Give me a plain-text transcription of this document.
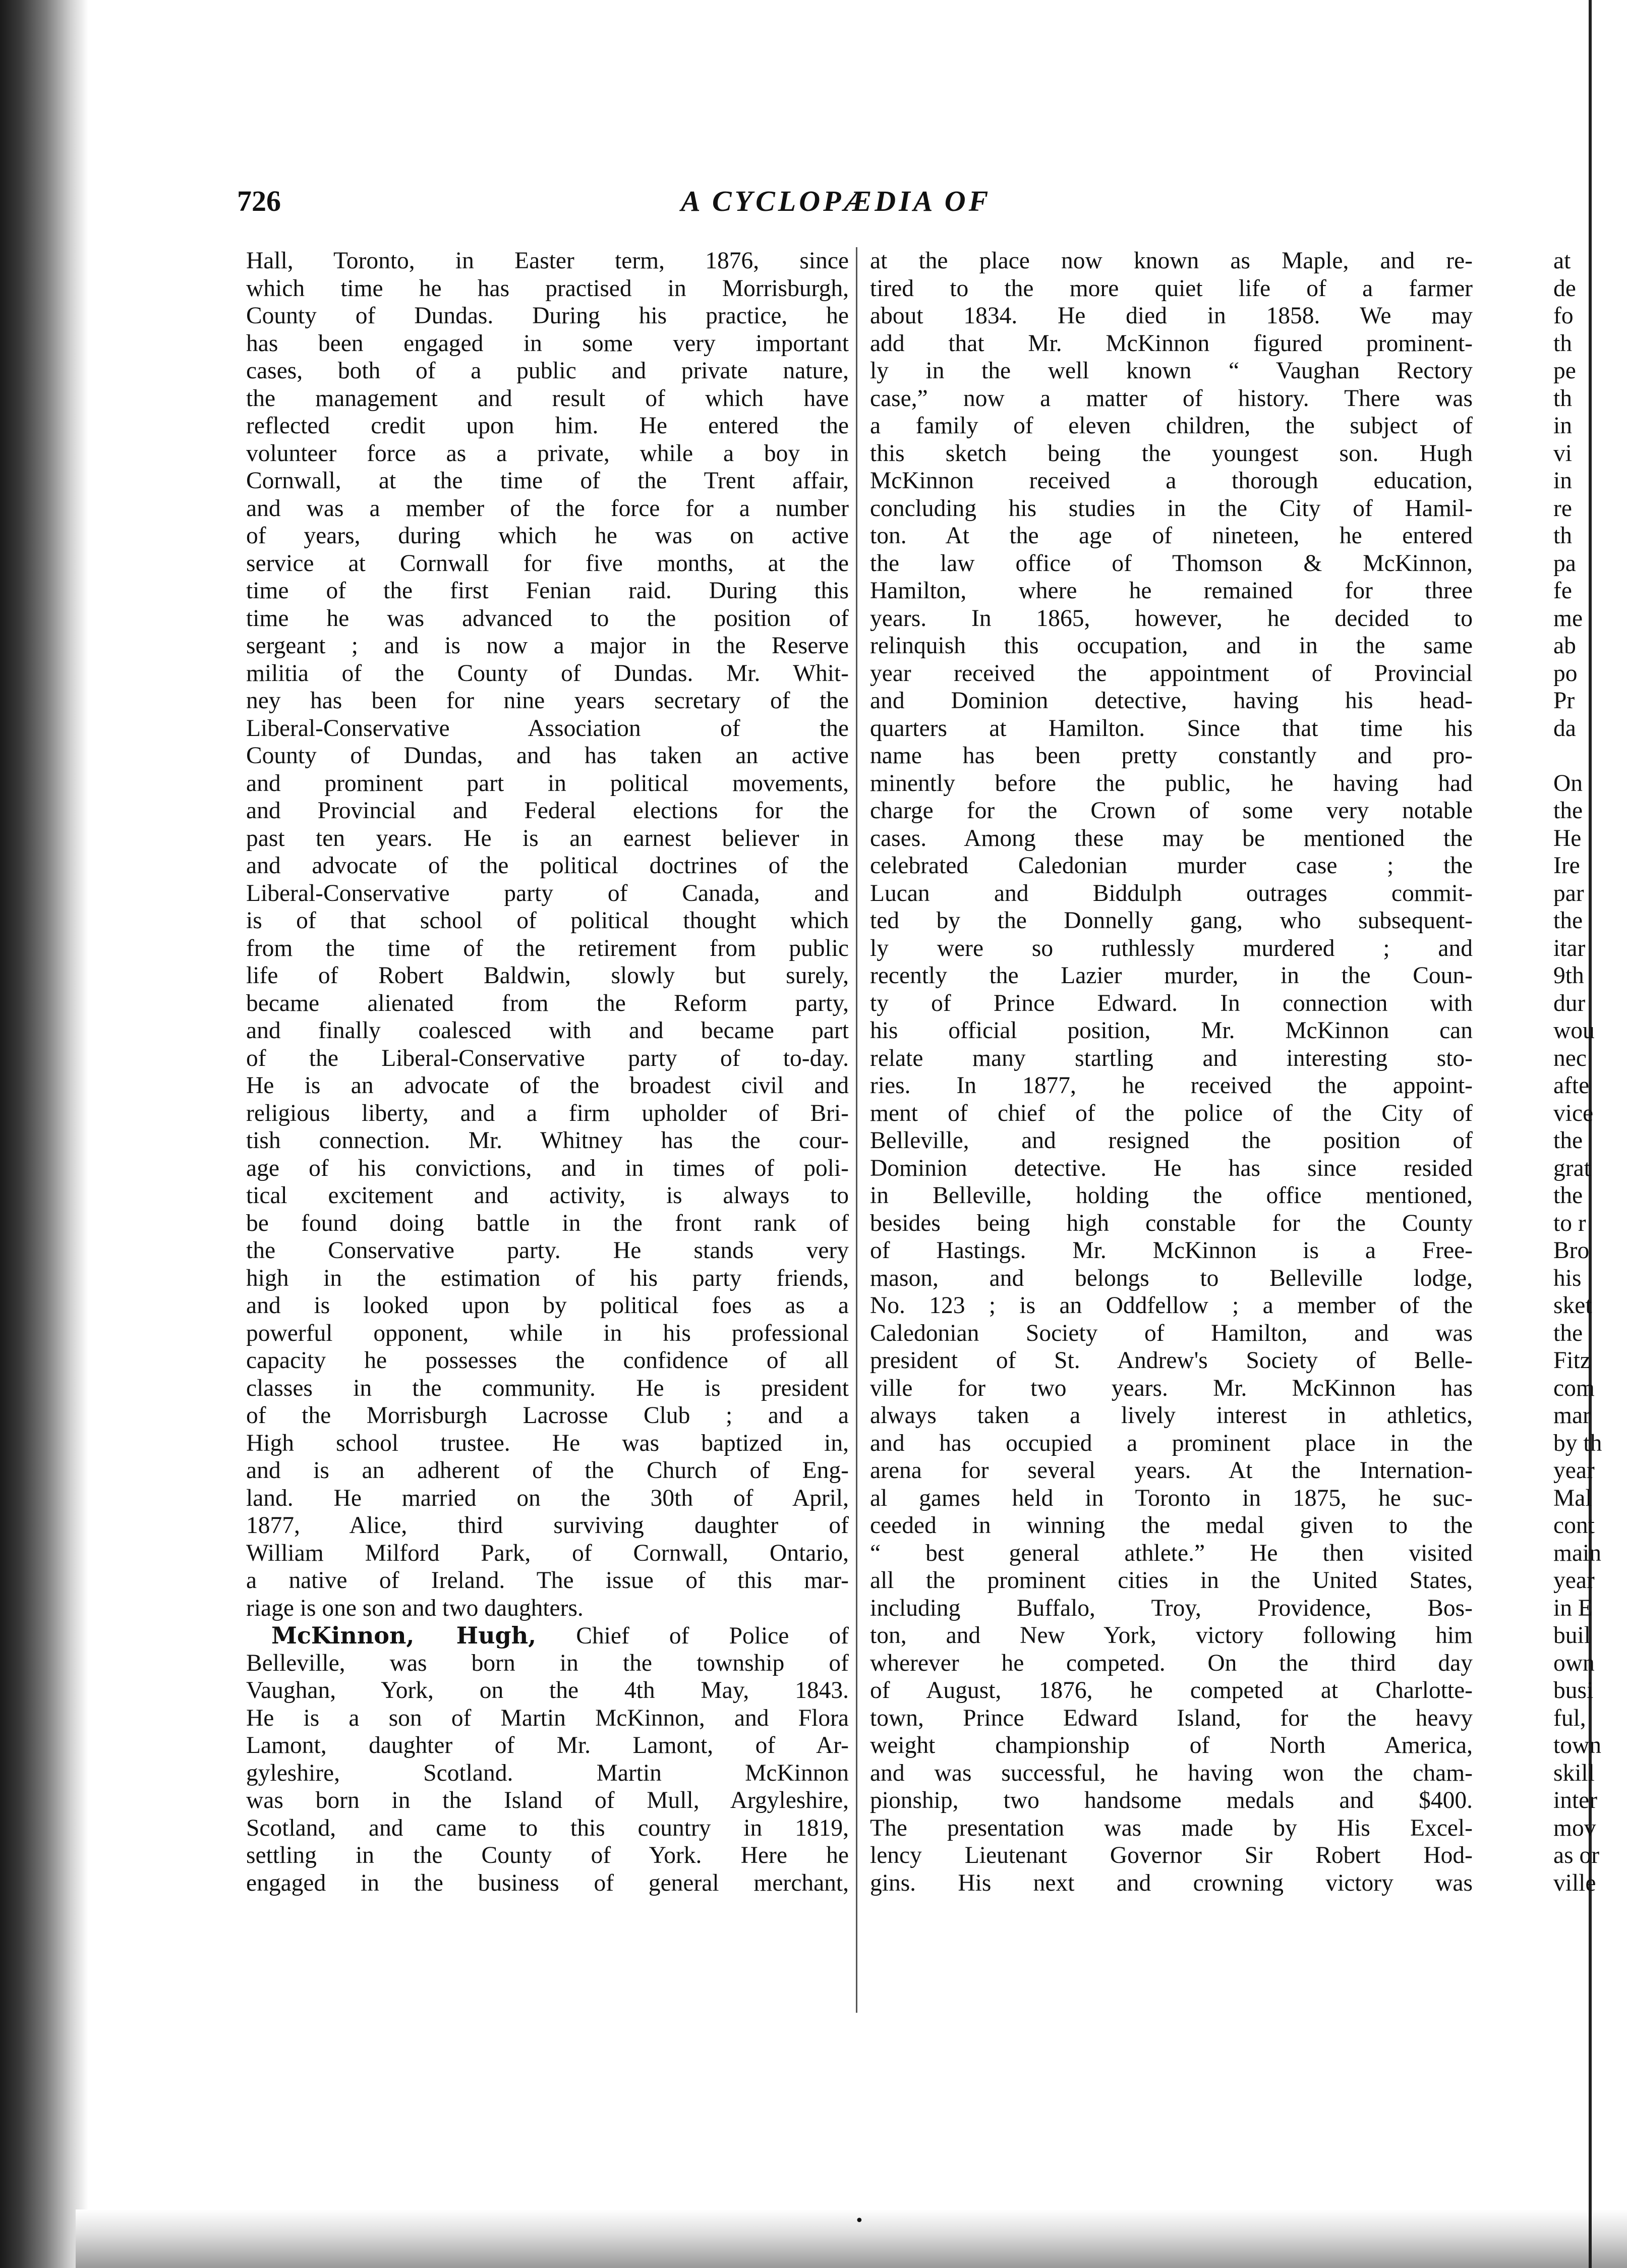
726	A CYCLOPÆDIA OF
Hall, Toronto, in Easter term, 1876, since
which time he has practised in Morrisburgh,
County of Dundas. During his practice, he
has been engaged in some very important
cases, both of a public and private nature,
the management and result of which have
reflected credit upon him. He entered the
volunteer force as a private, while a boy in
Cornwall, at the time of the Trent affair,
and was a member of the force for a number
of years, during which he was on active
service at Cornwall for five months, at the
time of the first Fenian raid. During this
time he was advanced to the position of
sergeant ; and is now a major in the Reserve
militia of the County of Dundas. Mr. Whit-
ney has been for nine years secretary of the
Liberal-Conservative Association of the
County of Dundas, and has taken an active
and prominent part in political movements,
and Provincial and Federal elections for the
past ten years. He is an earnest believer in
and advocate of the political doctrines of the
Liberal-Conservative party of Canada, and
is of that school of political thought which
from the time of the retirement from public
life of Robert Baldwin, slowly but surely,
became alienated from the Reform party,
and finally coalesced with and became part
of the Liberal-Conservative party of to-day.
He is an advocate of the broadest civil and
religious liberty, and a firm upholder of Bri-
tish connection. Mr. Whitney has the cour-
age of his convictions, and in times of poli-
tical excitement and activity, is always to
be found doing battle in the front rank of
the Conservative party. He stands very
high in the estimation of his party friends,
and is looked upon by political foes as a
powerful opponent, while in his professional
capacity he possesses the confidence of all
classes in the community. He is president
of the Morrisburgh Lacrosse Club ; and a
High school trustee. He was baptized in,
and is an adherent of the Church of Eng-
land. He married on the 30th of April,
1877, Alice, third surviving daughter of
William Milford Park, of Cornwall, Ontario,
a native of Ireland. The issue of this mar-
riage is one son and two daughters.
McKinnon, Hugh, Chief of Police of
Belleville, was born in the township of
Vaughan, York, on the 4th May, 1843.
He is a son of Martin McKinnon, and Flora
Lamont, daughter of Mr. Lamont, of Ar-
gyleshire, Scotland. Martin McKinnon
was born in the Island of Mull, Argyleshire,
Scotland, and came to this country in 1819,
settling in the County of York. Here he
engaged in the business of general merchant,
at the place now known as Maple, and re-
tired to the more quiet life of a farmer
about 1834. He died in 1858. We may
add that Mr. McKinnon figured prominent-
ly in the well known “ Vaughan Rectory
case,” now a matter of history. There was
a family of eleven children, the subject of
this sketch being the youngest son. Hugh
McKinnon received a thorough education,
concluding his studies in the City of Hamil-
ton. At the age of nineteen, he entered
the law office of Thomson & McKinnon,
Hamilton, where he remained for three
years. In 1865, however, he decided to
relinquish this occupation, and in the same
year received the appointment of Provincial
and Dominion detective, having his head-
quarters at Hamilton. Since that time his
name has been pretty constantly and pro-
minently before the public, he having had
charge for the Crown of some very notable
cases. Among these may be mentioned the
celebrated Caledonian murder case ; the
Lucan and Biddulph outrages commit-
ted by the Donnelly gang, who subsequent-
ly were so ruthlessly murdered ; and
recently the Lazier murder, in the Coun-
ty of Prince Edward. In connection with
his official position, Mr. McKinnon can
relate many startling and interesting sto-
ries. In 1877, he received the appoint-
ment of chief of the police of the City of
Belleville, and resigned the position of
Dominion detective. He has since resided
in Belleville, holding the office mentioned,
besides being high constable for the County
of Hastings. Mr. McKinnon is a Free-
mason, and belongs to Belleville lodge,
No. 123 ; is an Oddfellow ; a member of the
Caledonian Society of Hamilton, and was
president of St. Andrew's Society of Belle-
ville for two years. Mr. McKinnon has
always taken a lively interest in athletics,
and has occupied a prominent place in the
arena for several years. At the Internation-
al games held in Toronto in 1875, he suc-
ceeded in winning the medal given to the
“ best general athlete.” He then visited
all the prominent cities in the United States,
including Buffalo, Troy, Providence, Bos-
ton, and New York, victory following him
wherever he competed. On the third day
of August, 1876, he competed at Charlotte-
town, Prince Edward Island, for the heavy
weight championship of North America,
and was successful, he having won the cham-
pionship, two handsome medals and $400.
The presentation was made by His Excel-
lency Lieutenant Governor Sir Robert Hod-
gins. His next and crowning victory was
at
de
fo
th
pe
th
in
vi
in
re
th
pa
fe
me
ab
po
Pr
da
On
the
He
Ire
par
the
itar
9th
dur
wou
nec
afte
vice
the
grat
the
to r
Bro
his
sket
the
Fitz
com
mar
by th
year
Mal
cont
main
year
in E
buil
own
busi
ful,
town
skill
inter
mov
as or
ville
•
